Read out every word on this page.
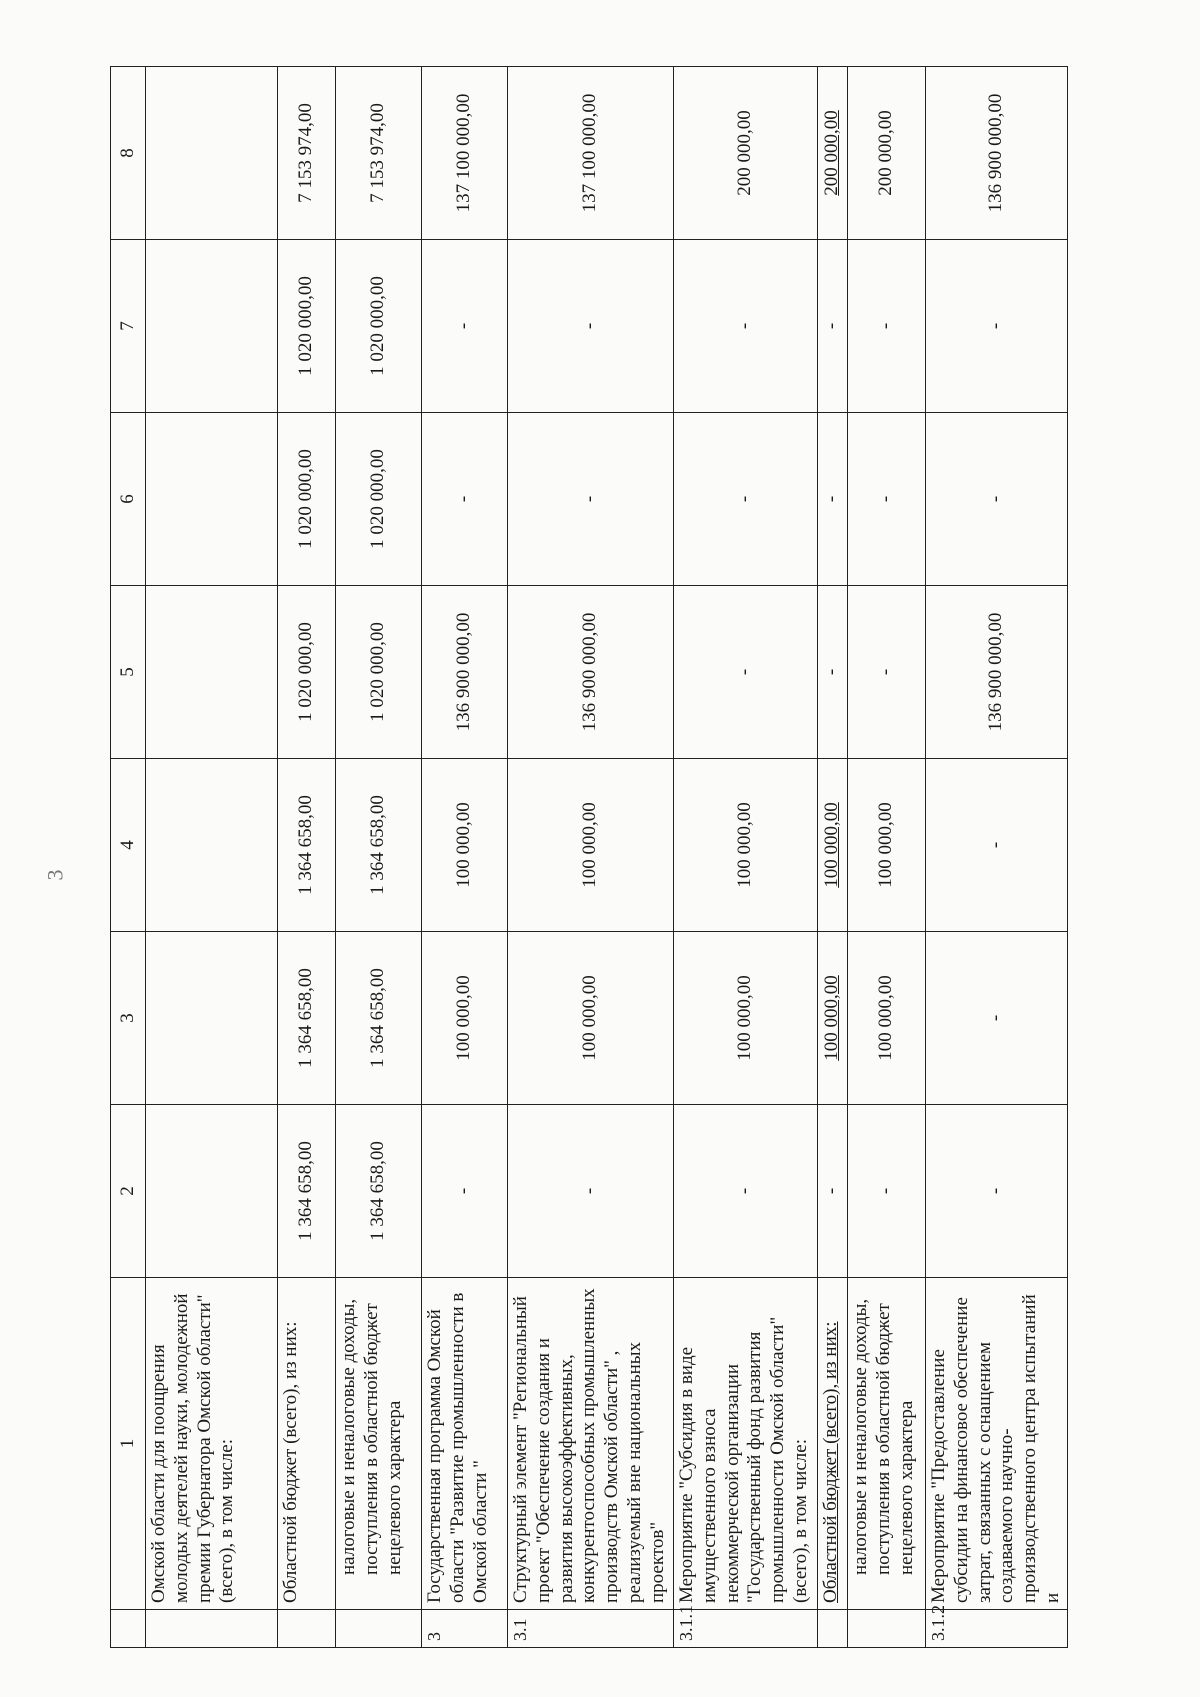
3
	1	2	3	4	5	6	7	8
	Омской области для поощрения молодых деятелей науки, молодежной премии Губернатора Омской области" (всего), в том числе:							
	Областной бюджет (всего), из них:	1 364 658,00	1 364 658,00	1 364 658,00	1 020 000,00	1 020 000,00	1 020 000,00	7 153 974,00
	налоговые и неналоговые доходы, поступления в областной бюджет нецелевого характера	1 364 658,00	1 364 658,00	1 364 658,00	1 020 000,00	1 020 000,00	1 020 000,00	7 153 974,00
3	Государственная программа Омской области "Развитие промышленности в Омской области "	-	100 000,00	100 000,00	136 900 000,00	-	-	137 100 000,00
3.1	Структурный элемент "Региональный проект "Обеспечение создания и развития высокоэффективных, конкурентоспособных промышленных производств Омской области" , реализуемый вне национальных проектов"	-	100 000,00	100 000,00	136 900 000,00	-	-	137 100 000,00
3.1.1	Мероприятие "Субсидия в виде имущественного взноса некоммерческой организации "Государственный фонд развития промышленности Омской области" (всего), в том числе:	-	100 000,00	100 000,00	-	-	-	200 000,00
	Областной бюджет (всего), из них:	-	100 000,00	100 000,00	-	-	-	200 000,00
	налоговые и неналоговые доходы, поступления в областной бюджет нецелевого характера	-	100 000,00	100 000,00	-	-	-	200 000,00
3.1.2	Мероприятие "Предоставление субсидии на финансовое обеспечение затрат, связанных с оснащением создаваемого научно-производственного центра испытаний и	-	-	-	136 900 000,00	-	-	136 900 000,00
